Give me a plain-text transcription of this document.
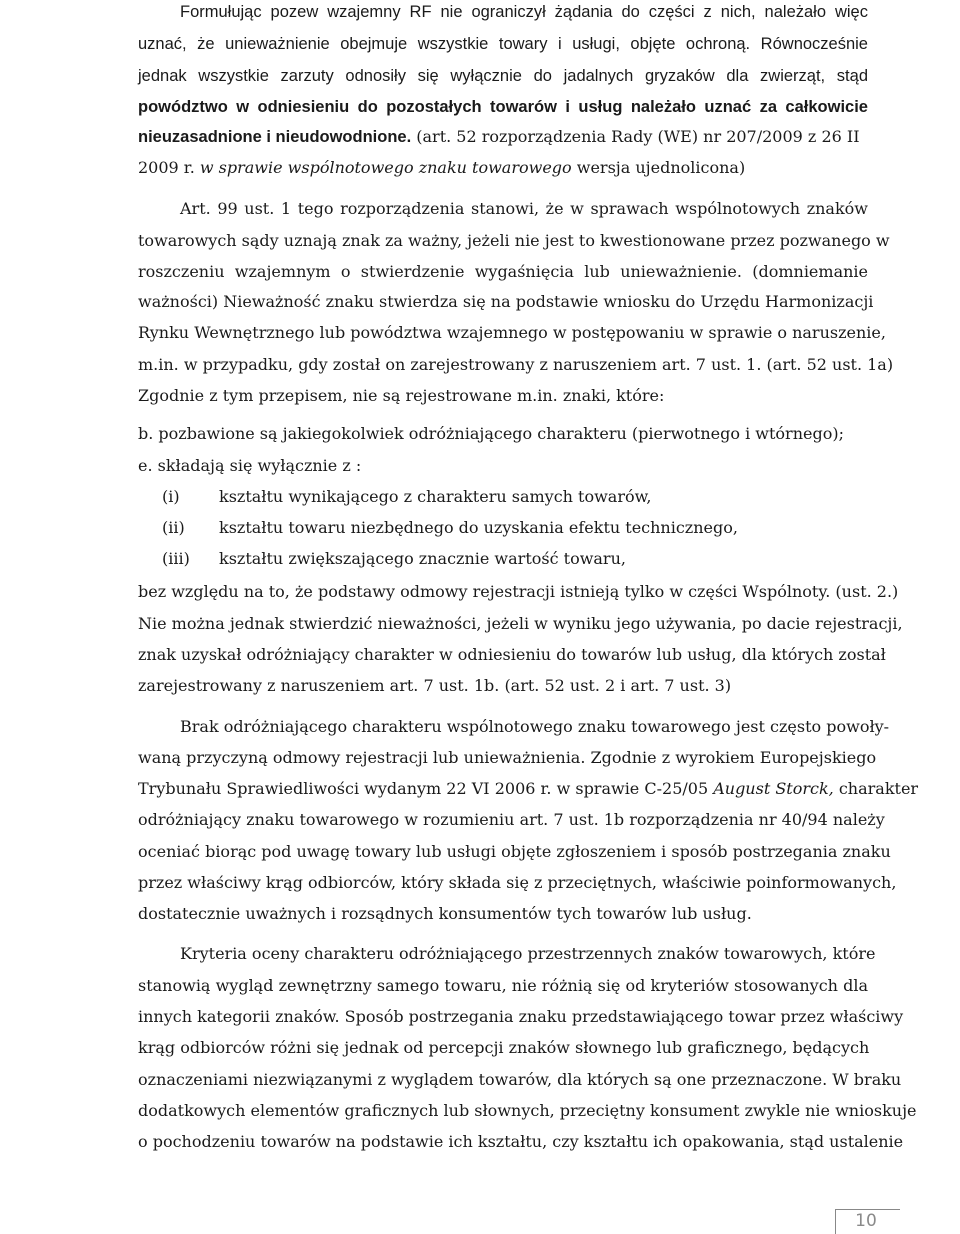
Formułując pozew wzajemny RF nie ograniczył żądania do części z nich, należało więc
uznać, że unieważnienie obejmuje wszystkie towary i usługi, objęte ochroną. Równocześnie
jednak wszystkie zarzuty odnosiły się wyłącznie do jadalnych gryzaków dla zwierząt, stąd
powództwo w odniesieniu do pozostałych towarów i usług należało uznać za całkowicie
nieuzasadnione i nieudowodnione. (art. 52 rozporządzenia Rady (WE) nr 207/2009 z 26 II
2009 r. w sprawie wspólnotowego znaku towarowego wersja ujednolicona)
Art. 99 ust. 1 tego rozporządzenia stanowi, że w sprawach wspólnotowych znaków
towarowych sądy uznają znak za ważny, jeżeli nie jest to kwestionowane przez pozwanego w
roszczeniu wzajemnym o stwierdzenie wygaśnięcia lub unieważnienie. (domniemanie
ważności) Nieważność znaku stwierdza się na podstawie wniosku do Urzędu Harmonizacji
Rynku Wewnętrznego lub powództwa wzajemnego w postępowaniu w sprawie o naruszenie,
m.in. w przypadku, gdy został on zarejestrowany z naruszeniem art. 7 ust. 1. (art. 52 ust. 1a)
Zgodnie z tym przepisem, nie są rejestrowane m.in. znaki, które:
b. pozbawione są jakiegokolwiek odróżniającego charakteru (pierwotnego i wtórnego);
e. składają się wyłącznie z :
(i)	kształtu wynikającego z charakteru samych towarów,
(ii)	kształtu towaru niezbędnego do uzyskania efektu technicznego,
(iii)	kształtu zwiększającego znacznie wartość towaru,
bez względu na to, że podstawy odmowy rejestracji istnieją tylko w części Wspólnoty. (ust. 2.)
Nie można jednak stwierdzić nieważności, jeżeli w wyniku jego używania, po dacie rejestracji,
znak uzyskał odróżniający charakter w odniesieniu do towarów lub usług, dla których został
zarejestrowany z naruszeniem art. 7 ust. 1b. (art. 52 ust. 2 i art. 7 ust. 3)
Brak odróżniającego charakteru wspólnotowego znaku towarowego jest często powoły-
waną przyczyną odmowy rejestracji lub unieważnienia. Zgodnie z wyrokiem Europejskiego
Trybunału Sprawiedliwości wydanym 22 VI 2006 r. w sprawie C-25/05 August Storck, charakter
odróżniający znaku towarowego w rozumieniu art. 7 ust. 1b rozporządzenia nr 40/94 należy
oceniać biorąc pod uwagę towary lub usługi objęte zgłoszeniem i sposób postrzegania znaku
przez właściwy krąg odbiorców, który składa się z przeciętnych, właściwie poinformowanych,
dostatecznie uważnych i rozsądnych konsumentów tych towarów lub usług.
Kryteria oceny charakteru odróżniającego przestrzennych znaków towarowych, które
stanowią wygląd zewnętrzny samego towaru, nie różnią się od kryteriów stosowanych dla
innych kategorii znaków. Sposób postrzegania znaku przedstawiającego towar przez właściwy
krąg odbiorców różni się jednak od percepcji znaków słownego lub graficznego, będących
oznaczeniami niezwiązanymi z wyglądem towarów, dla których są one przeznaczone. W braku
dodatkowych elementów graficznych lub słownych, przeciętny konsument zwykle nie wnioskuje
o pochodzeniu towarów na podstawie ich kształtu, czy kształtu ich opakowania, stąd ustalenie
10
